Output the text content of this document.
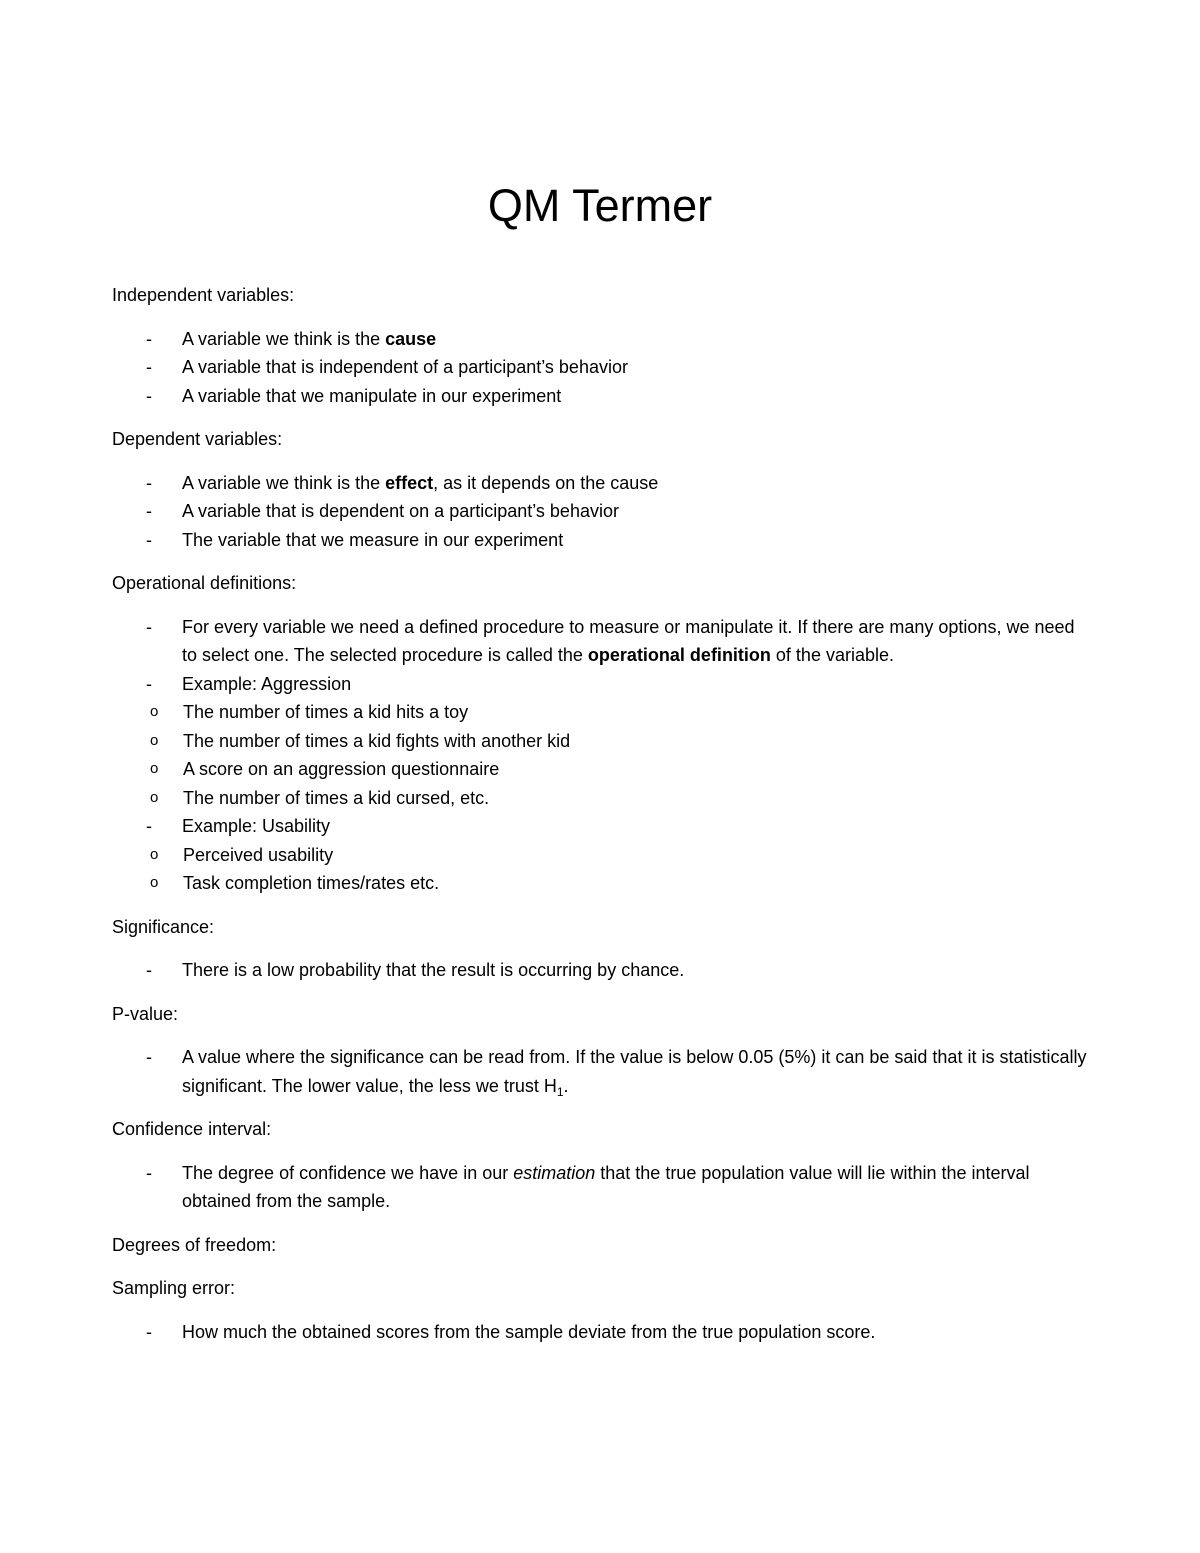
QM Termer

Independent variables:

- A variable we think is the cause
- A variable that is independent of a participant’s behavior
- A variable that we manipulate in our experiment

Dependent variables:

- A variable we think is the effect, as it depends on the cause
- A variable that is dependent on a participant’s behavior
- The variable that we measure in our experiment

Operational definitions:

- For every variable we need a defined procedure to measure or manipulate it. If there are many options, we need to select one. The selected procedure is called the operational definition of the variable.
- Example: Aggression
o The number of times a kid hits a toy
o The number of times a kid fights with another kid
o A score on an aggression questionnaire
o The number of times a kid cursed, etc.
- Example: Usability
o Perceived usability
o Task completion times/rates etc.

Significance:

- There is a low probability that the result is occurring by chance.

P-value:

- A value where the significance can be read from. If the value is below 0.05 (5%) it can be said that it is statistically significant. The lower value, the less we trust $H_1$.

Confidence interval:

- The degree of confidence we have in our estimation that the true population value will lie within the interval obtained from the sample.

Degrees of freedom:

Sampling error:

- How much the obtained scores from the sample deviate from the true population score.
